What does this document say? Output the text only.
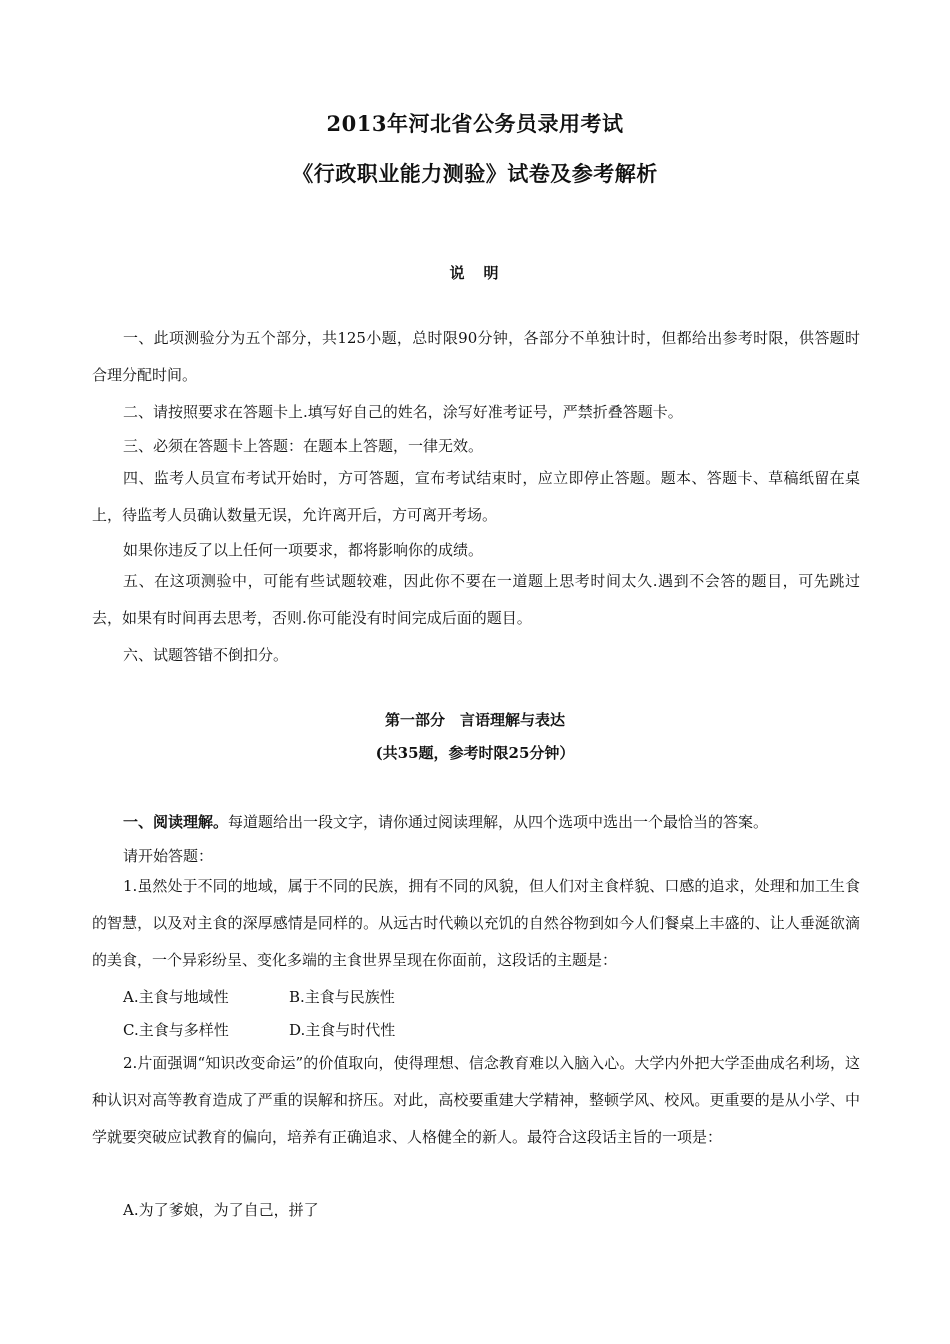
2013年河北省公务员录用考试
《行政职业能力测验》试卷及参考解析
说　明
一、此项测验分为五个部分，共125小题，总时限90分钟，各部分不单独计时，但都给出参考时限，供答题时合理分配时间。
二、请按照要求在答题卡上.填写好自己的姓名，涂写好准考证号，严禁折叠答题卡。
三、必须在答题卡上答题：在题本上答题，一律无效。
四、监考人员宣布考试开始时，方可答题，宣布考试结束时，应立即停止答题。题本、答题卡、草稿纸留在桌上，待监考人员确认数量无误，允许离开后，方可离开考场。
如果你违反了以上任何一项要求，都将影响你的成绩。
五、在这项测验中，可能有些试题较难，因此你不要在一道题上思考时间太久.遇到不会答的题目，可先跳过去，如果有时间再去思考，否则.你可能没有时间完成后面的题目。
六、试题答错不倒扣分。
第一部分　言语理解与表达
(共35题，参考时限25分钟）
一、阅读理解。每道题给出一段文字，请你通过阅读理解，从四个选项中选出一个最恰当的答案。
请开始答题：
1.虽然处于不同的地域，属于不同的民族，拥有不同的风貌，但人们对主食样貌、口感的追求，处理和加工生食的智慧，以及对主食的深厚感情是同样的。从远古时代赖以充饥的自然谷物到如今人们餐桌上丰盛的、让人垂涎欲滴的美食，一个异彩纷呈、变化多端的主食世界呈现在你面前，这段话的主题是：
A.主食与地域性	B.主食与民族性
C.主食与多样性	D.主食与时代性
2.片面强调“知识改变命运”的价值取向，使得理想、信念教育难以入脑入心。大学内外把大学歪曲成名利场，这种认识对高等教育造成了严重的误解和挤压。对此，高校要重建大学精神，整顿学风、校风。更重要的是从小学、中学就要突破应试教育的偏向，培养有正确追求、人格健全的新人。最符合这段话主旨的一项是：
A.为了爹娘，为了自己，拼了
